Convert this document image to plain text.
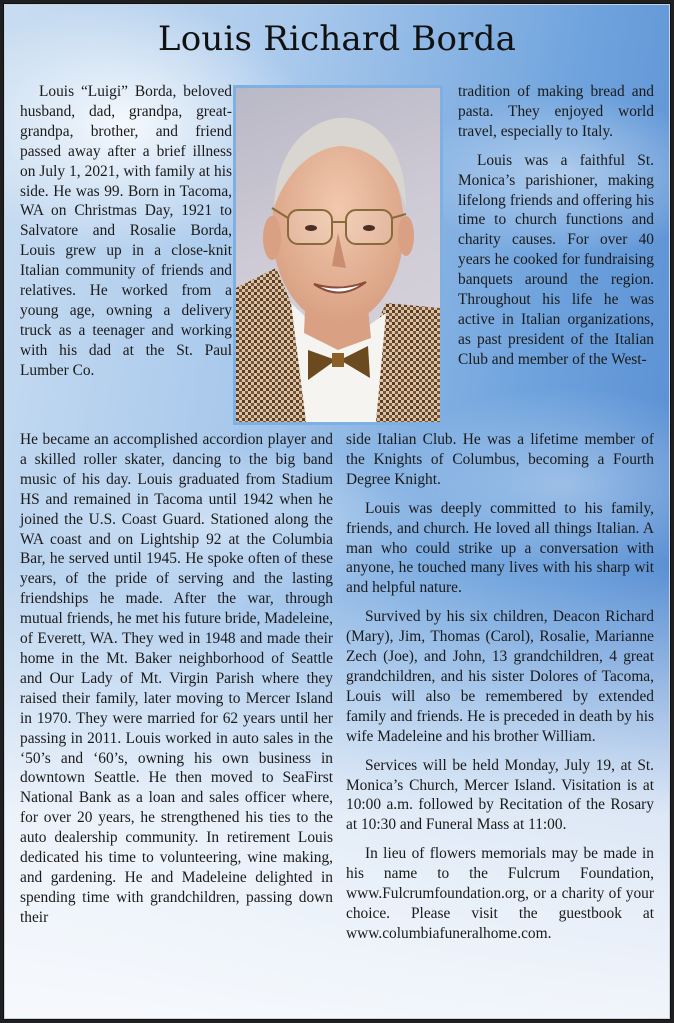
Louis Richard Borda

Louis “Luigi” Borda, beloved husband, dad, grandpa, great-grandpa, brother, and friend passed away after a brief illness on July 1, 2021, with family at his side. He was 99. Born in Tacoma, WA on Christmas Day, 1921 to Salvatore and Rosalie Borda, Louis grew up in a close-knit Italian community of friends and relatives. He worked from a young age, owning a delivery truck as a teenager and working with his dad at the St. Paul Lumber Co.

He became an accomplished accordion player and a skilled roller skater, dancing to the big band music of his day. Louis graduated from Stadium HS and remained in Tacoma until 1942 when he joined the U.S. Coast Guard. Stationed along the WA coast and on Lightship 92 at the Columbia Bar, he served until 1945. He spoke often of these years, of the pride of serving and the lasting friendships he made. After the war, through mutual friends, he met his future bride, Madeleine, of Everett, WA. They wed in 1948 and made their home in the Mt. Baker neighborhood of Seattle and Our Lady of Mt. Virgin Parish where they raised their family, later moving to Mercer Island in 1970. They were married for 62 years until her passing in 2011. Louis worked in auto sales in the ‘50’s and ‘60’s, owning his own business in downtown Seattle. He then moved to SeaFirst National Bank as a loan and sales officer where, for over 20 years, he strengthened his ties to the auto dealership community. In retirement Louis dedicated his time to volunteering, wine making, and gardening. He and Madeleine delighted in spending time with grandchildren, passing down their

tradition of making bread and pasta. They enjoyed world travel, especially to Italy.

Louis was a faithful St. Monica’s parishioner, making lifelong friends and offering his time to church functions and charity causes. For over 40 years he cooked for fundraising banquets around the region. Throughout his life he was active in Italian organizations, as past president of the Italian Club and member of the West-

side Italian Club. He was a lifetime member of the Knights of Columbus, becoming a Fourth Degree Knight.

Louis was deeply committed to his family, friends, and church. He loved all things Italian. A man who could strike up a conversation with anyone, he touched many lives with his sharp wit and helpful nature.

Survived by his six children, Deacon Richard (Mary), Jim, Thomas (Carol), Rosalie, Marianne Zech (Joe), and John, 13 grandchildren, 4 great grandchildren, and his sister Dolores of Tacoma, Louis will also be remembered by extended family and friends. He is preceded in death by his wife Madeleine and his brother William.

Services will be held Monday, July 19, at St. Monica’s Church, Mercer Island. Visitation is at 10:00 a.m. followed by Recitation of the Rosary at 10:30 and Funeral Mass at 11:00.

In lieu of flowers memorials may be made in his name to the Fulcrum Foundation, www.Fulcrumfoundation.org, or a charity of your choice. Please visit the guestbook at www.columbiafuneralhome.com.
